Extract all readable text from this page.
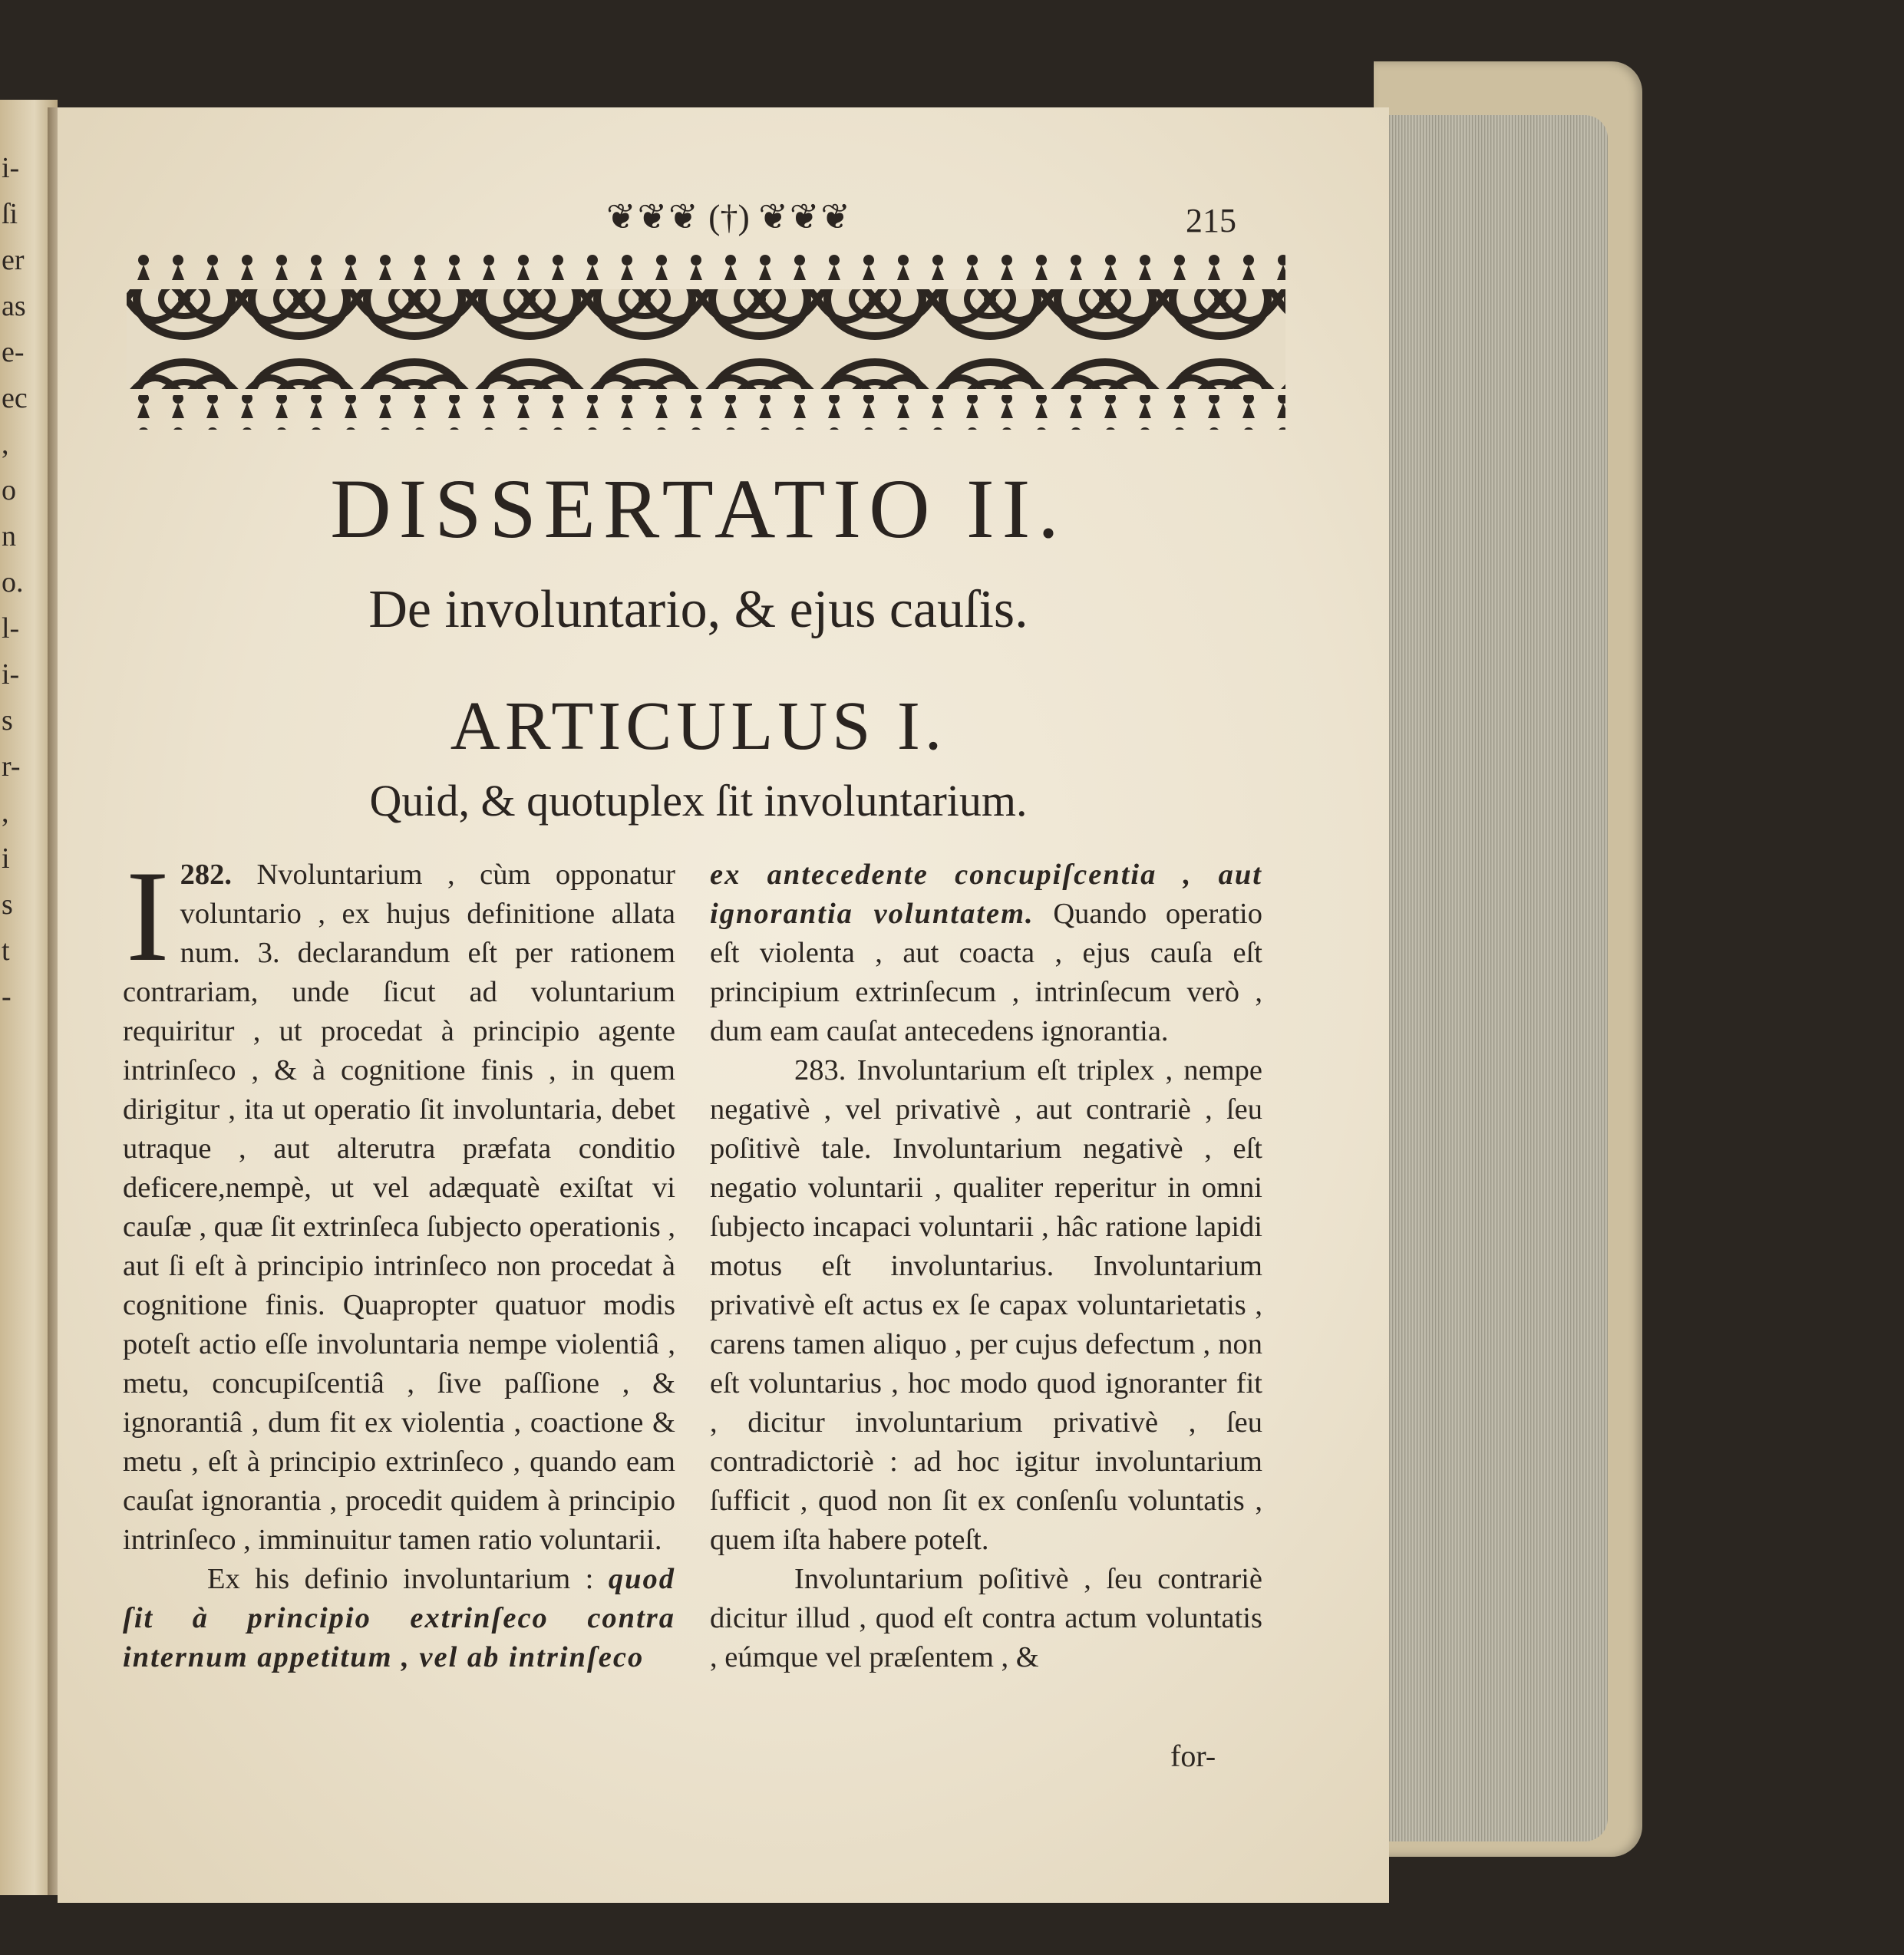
i-
ſi
er
as
e-
ec
,
o
n
o.
l-
i-
s
r-
,
i
s
t
-
❦❦❦ (†) ❦❦❦	215
DISSERTATIO II.
De involuntario, & ejus cauſis.
ARTICULUS I.
Quid, & quotuplex ſit involuntarium.

282.
I	Nvoluntarium , cùm opponatur voluntario , ex hujus definitione allata num. 3. declarandum eſt per rationem contrariam, unde ſicut ad voluntarium requiritur , ut procedat à principio agente intrinſeco , & à cognitione finis , in quem dirigitur , ita ut operatio ſit involuntaria, debet utraque , aut alterutra præfata conditio deficere,nempè, ut vel adæquatè exiſtat vi cauſæ , quæ ſit extrinſeca ſubjecto operationis , aut ſi eſt à principio intrinſeco non procedat à cognitione finis. Quapropter quatuor modis poteſt actio eſſe involuntaria nempe violentiâ , metu, concupiſcentiâ , ſive paſſione , & ignorantiâ , dum fit ex violentia , coactione & metu , eſt à principio extrinſeco , quando eam cauſat ignorantia , procedit quidem à principio intrinſeco , imminuitur tamen ratio voluntarii.

Ex his definio involuntarium : quod ſit à principio extrinſeco contra internum appetitum , vel ab intrinſeco

ex antecedente concupiſcentia , aut ignorantia voluntatem. Quando operatio eſt violenta , aut coacta , ejus cauſa eſt principium extrinſecum , intrinſecum verò , dum eam cauſat antecedens ignorantia.

283. Involuntarium eſt triplex , nempe negativè , vel privativè , aut contrariè , ſeu poſitivè tale. Involuntarium negativè , eſt negatio voluntarii , qualiter reperitur in omni ſubjecto incapaci voluntarii , hâc ratione lapidi motus eſt involuntarius. Involuntarium privativè eſt actus ex ſe capax voluntarietatis , carens tamen aliquo , per cujus defectum , non eſt voluntarius , hoc modo quod ignoranter fit , dicitur involuntarium privativè , ſeu contradictoriè : ad hoc igitur involuntarium ſufficit , quod non ſit ex conſenſu voluntatis , quem iſta habere poteſt.

Involuntarium poſitivè , ſeu contrariè dicitur illud , quod eſt contra actum voluntatis , eúmque vel præſentem , &

for-
